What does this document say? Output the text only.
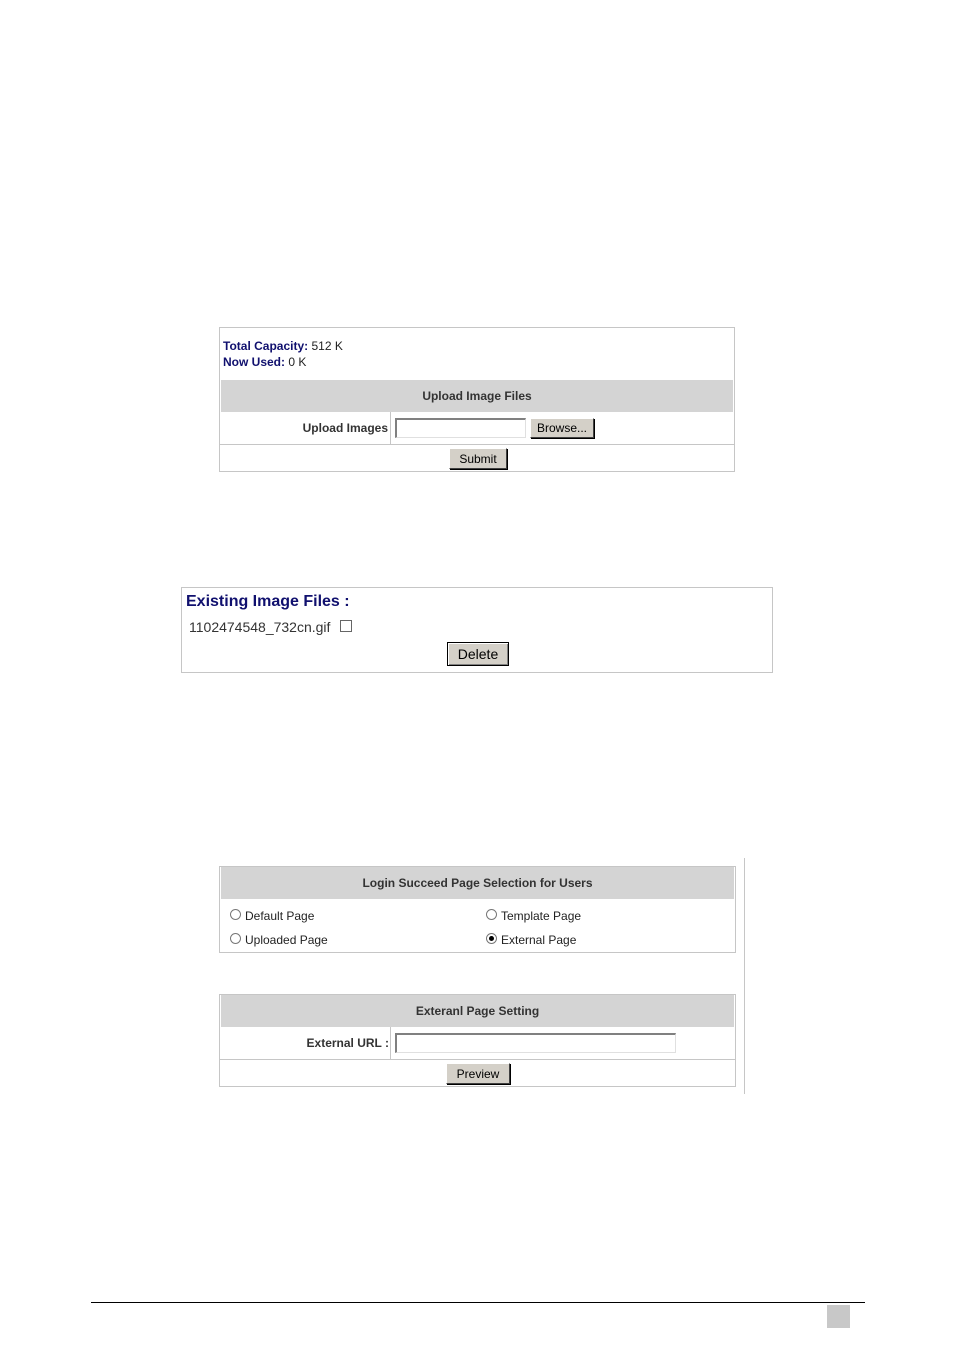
Total Capacity: 512 K
Now Used: 0 K
Upload Image Files
Upload Images	Browse...
Submit
Existing Image Files :
1102474548_732cn.gif
Delete
Login Succeed Page Selection for Users
Default Page	Template Page
Uploaded Page	External Page
Exteranl Page Setting
External URL :
Preview
